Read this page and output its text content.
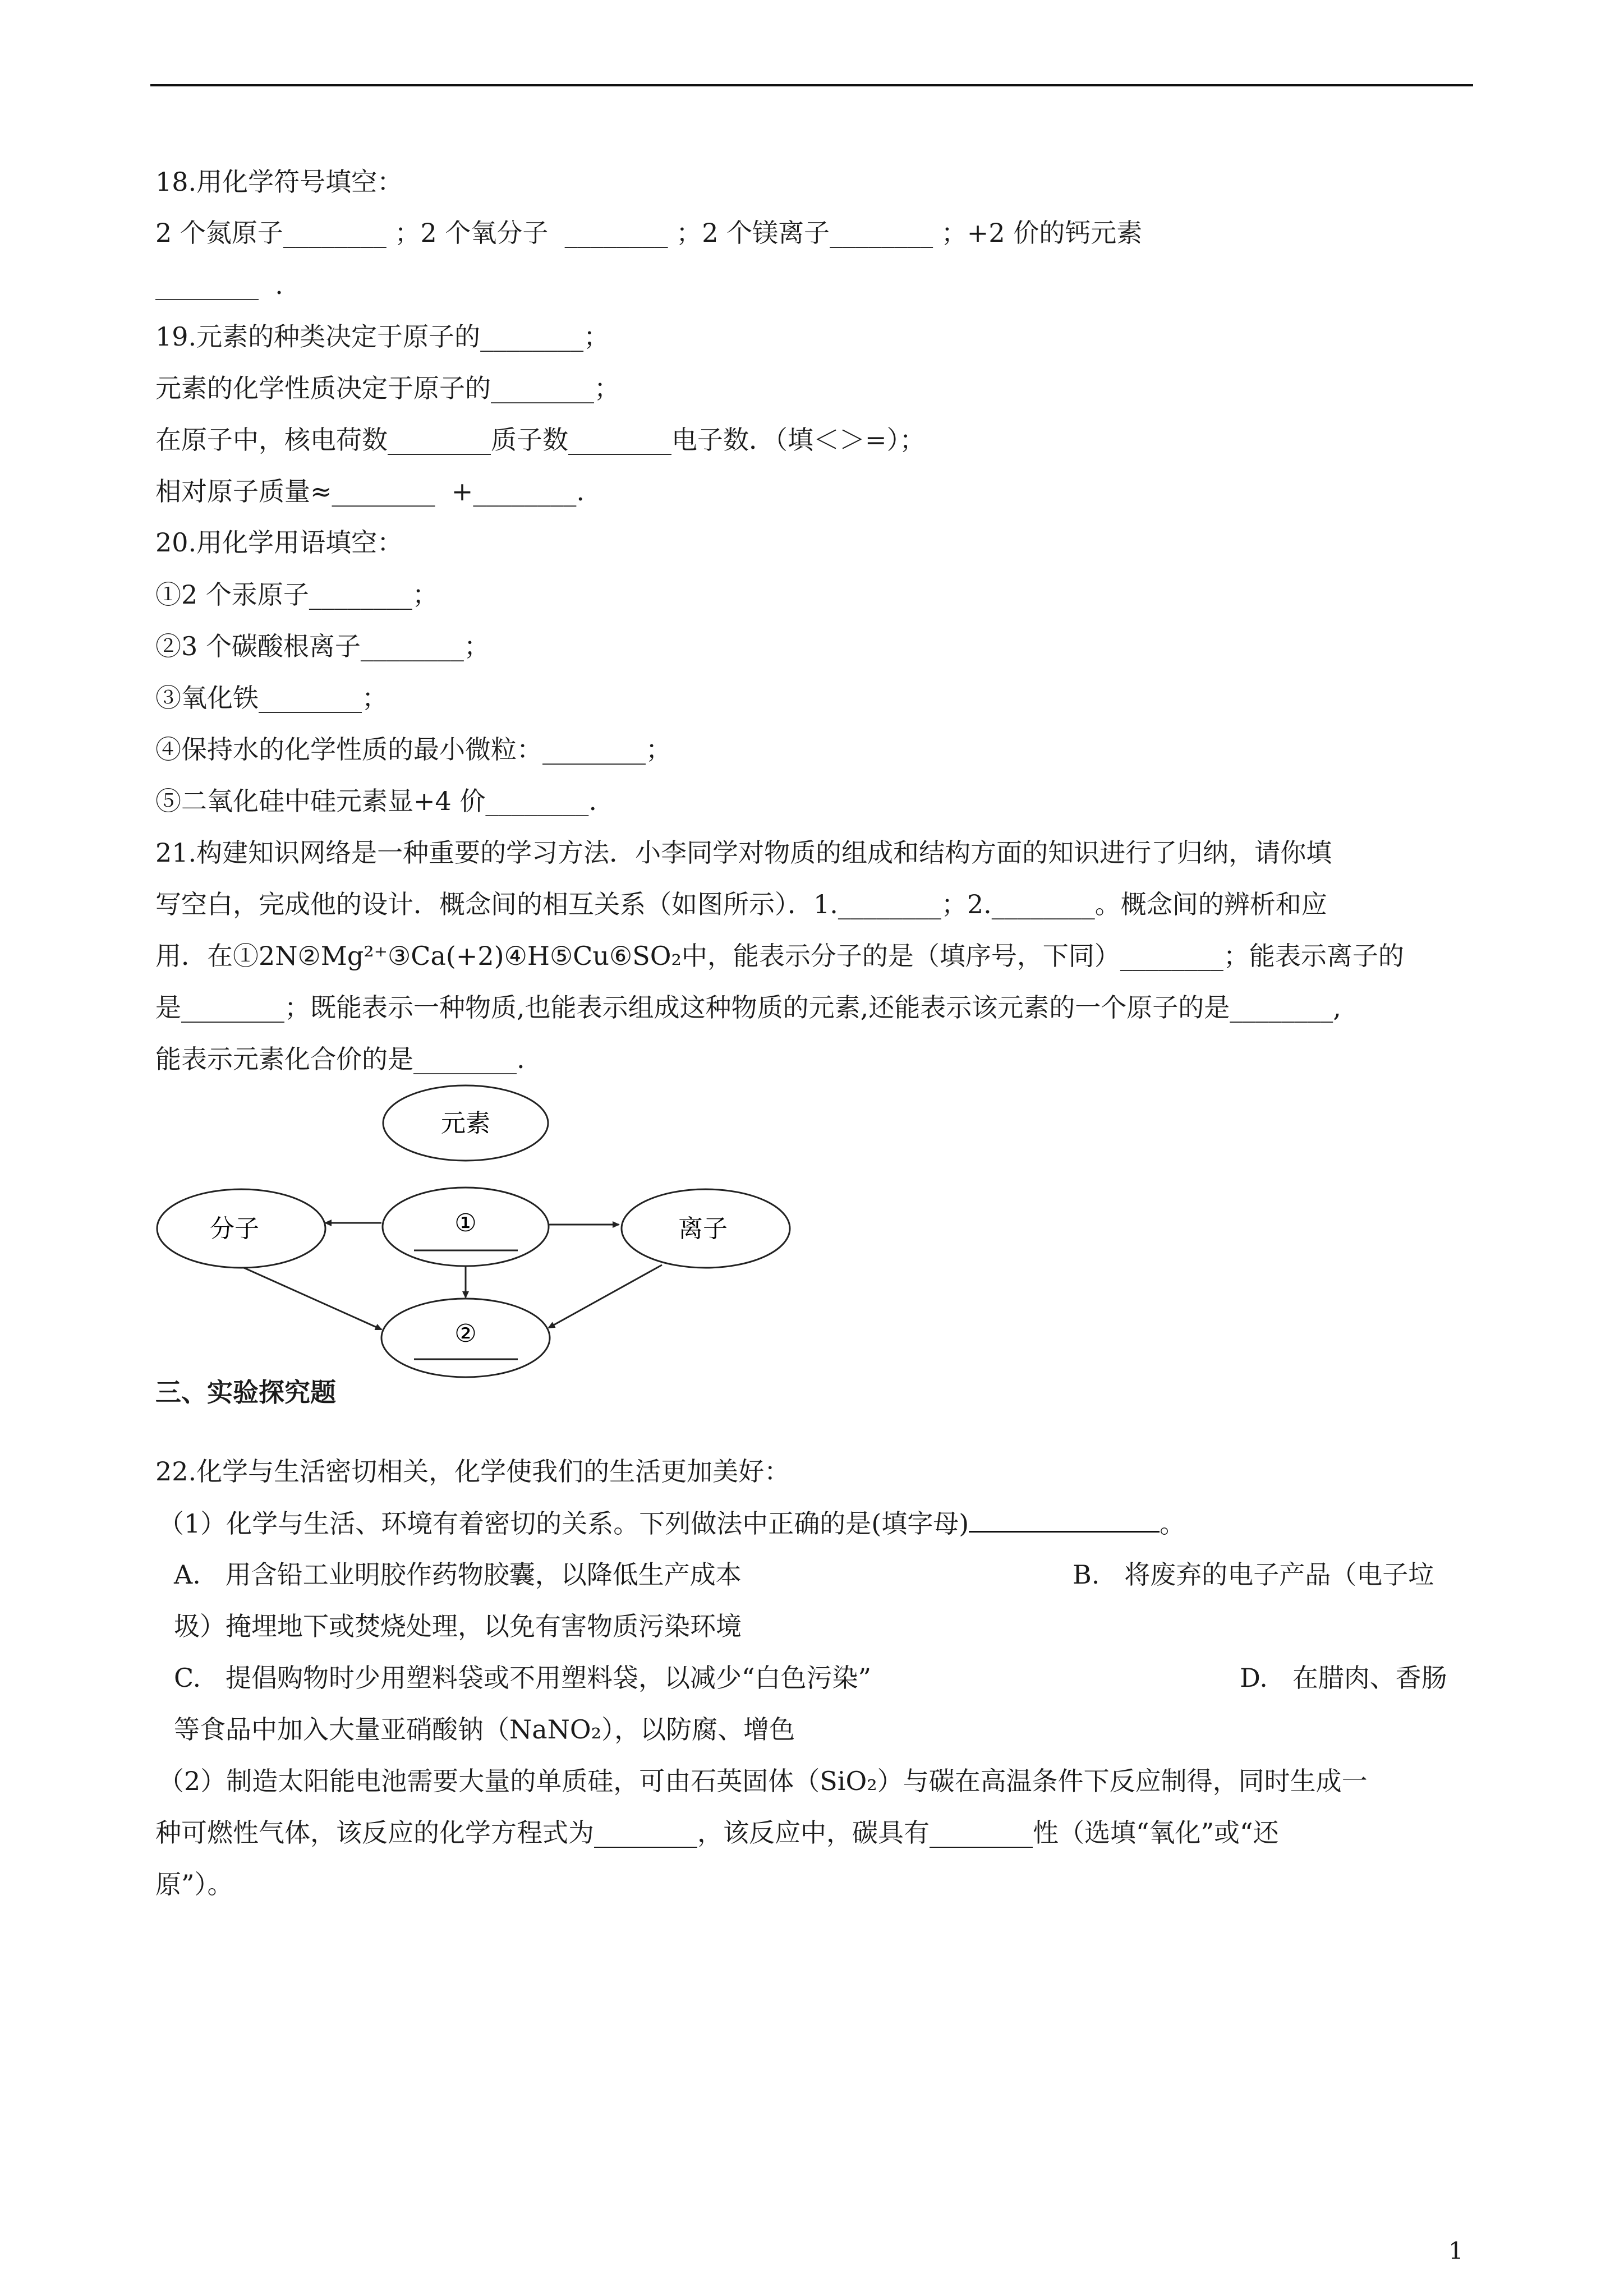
18.用化学符号填空：
2 个氮原子________ ；2 个氧分子  ________ ；2 个镁离子________ ；+2 价的钙元素
________  .
19.元素的种类决定于原子的________；
元素的化学性质决定于原子的________；
在原子中，核电荷数________质子数________电子数．（填＜＞=）；
相对原子质量≈________  +________.
20.用化学用语填空：
①2 个汞原子________；
②3 个碳酸根离子________；
③氧化铁________；
④保持水的化学性质的最小微粒：________；
⑤二氧化硅中硅元素显+4 价________.
21.构建知识网络是一种重要的学习方法．小李同学对物质的组成和结构方面的知识进行了归纳，请你填
写空白，完成他的设计．概念间的相互关系（如图所示）．1.________；2.________。概念间的辨析和应
用．在①2N②Mg²⁺③Ca(+2)④H⑤Cu⑥SO₂中，能表示分子的是（填序号，下同）________；能表示离子的
是________；既能表示一种物质,也能表示组成这种物质的元素,还能表示该元素的一个原子的是________,
能表示元素化合价的是________.
元素
分子	①	离子
②
三、实验探究题
22.化学与生活密切相关，化学使我们的生活更加美好：
（1）化学与生活、环境有着密切的关系。下列做法中正确的是(填字母)	。
A.   用含铅工业明胶作药物胶囊，以降低生产成本	B.   将废弃的电子产品（电子垃
圾）掩埋地下或焚烧处理，以免有害物质污染环境
C.   提倡购物时少用塑料袋或不用塑料袋，以减少“白色污染”	D.   在腊肉、香肠
等食品中加入大量亚硝酸钠（NaNO₂），以防腐、增色
（2）制造太阳能电池需要大量的单质硅，可由石英固体（SiO₂）与碳在高温条件下反应制得，同时生成一
种可燃性气体，该反应的化学方程式为________，该反应中，碳具有________性（选填“氧化”或“还
原”）。
1
